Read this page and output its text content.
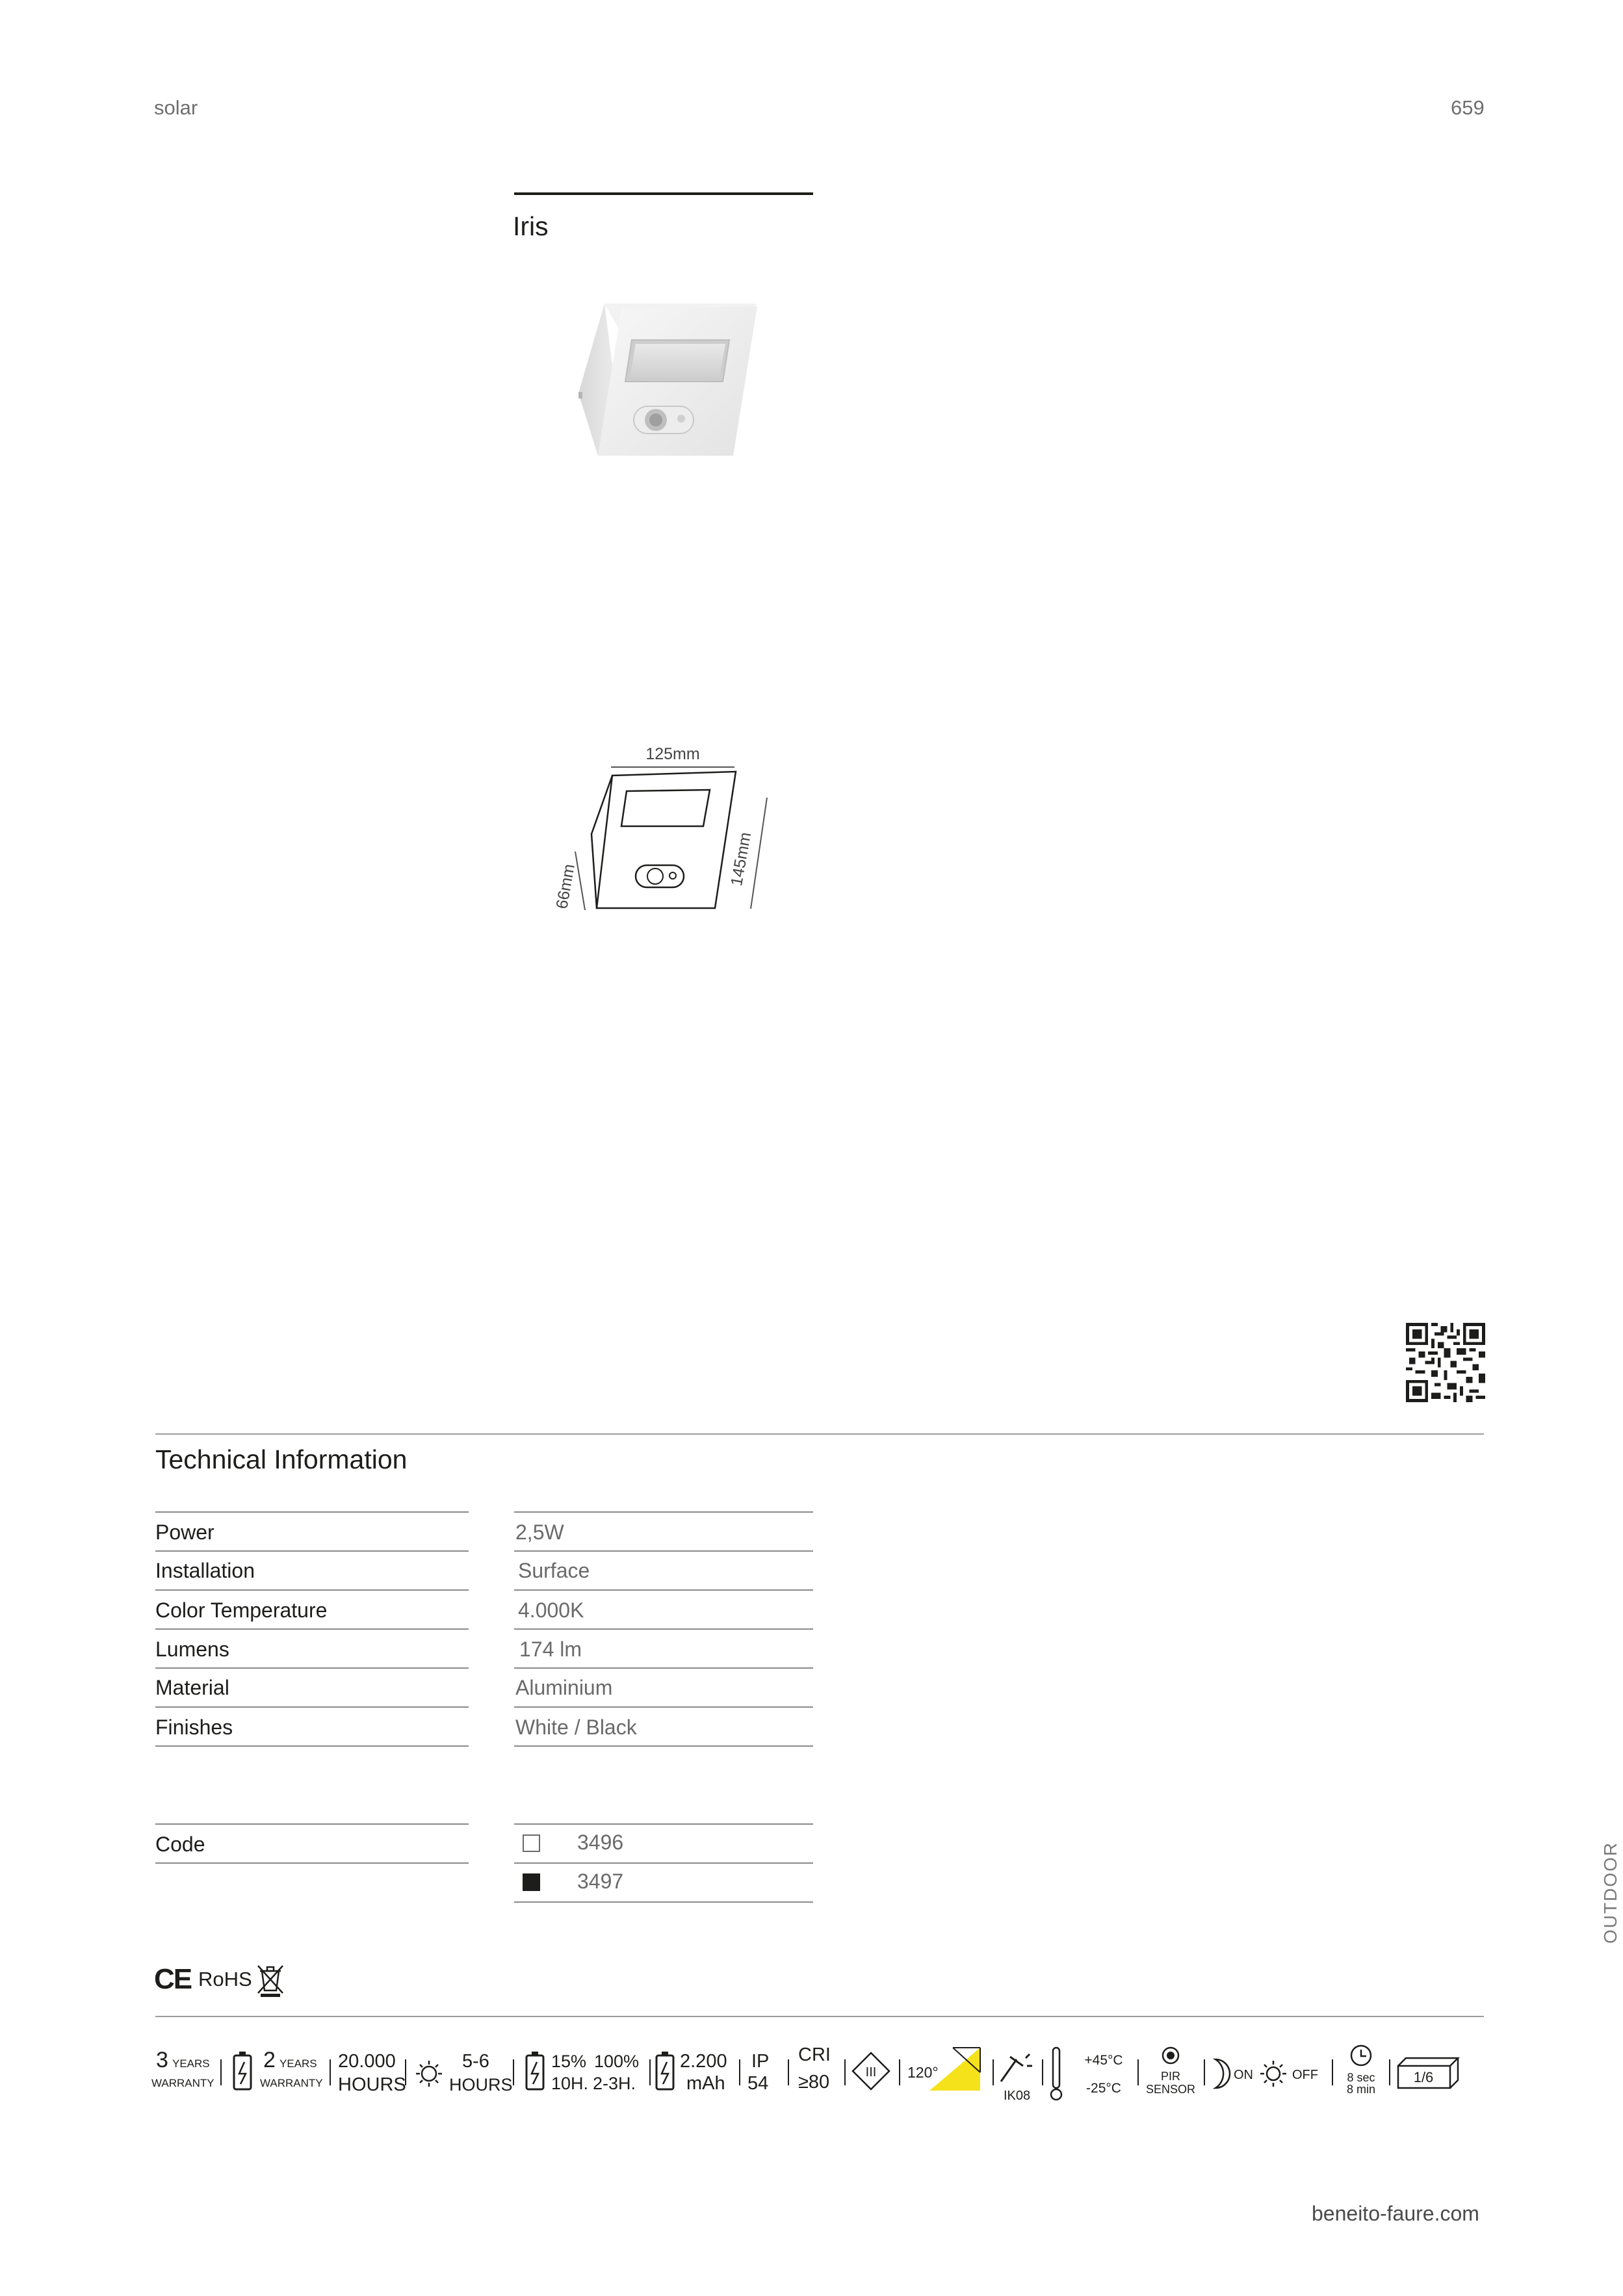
solar	659
Iris
125mm
145mm
66mm
Technical Information
Power	2,5W
Installation	Surface
Color Temperature	4.000K
Lumens	174 lm
Material	Aluminium
Finishes	White / Black
Code	3496
3497
CE RoHS
3 YEARS
WARRANTY
2 YEARS
WARRANTY
20.000
HOURS
5-6
HOURS
15%
10H.
100%
2-3H.
2.200
mAh
IP
54
CRI
≥80	III 120°
IK08
+45°C
-25°C
PIR
SENSOR
ON	OFF 8 sec
8 min
1/6
OUTDOOR
beneito-faure.com
